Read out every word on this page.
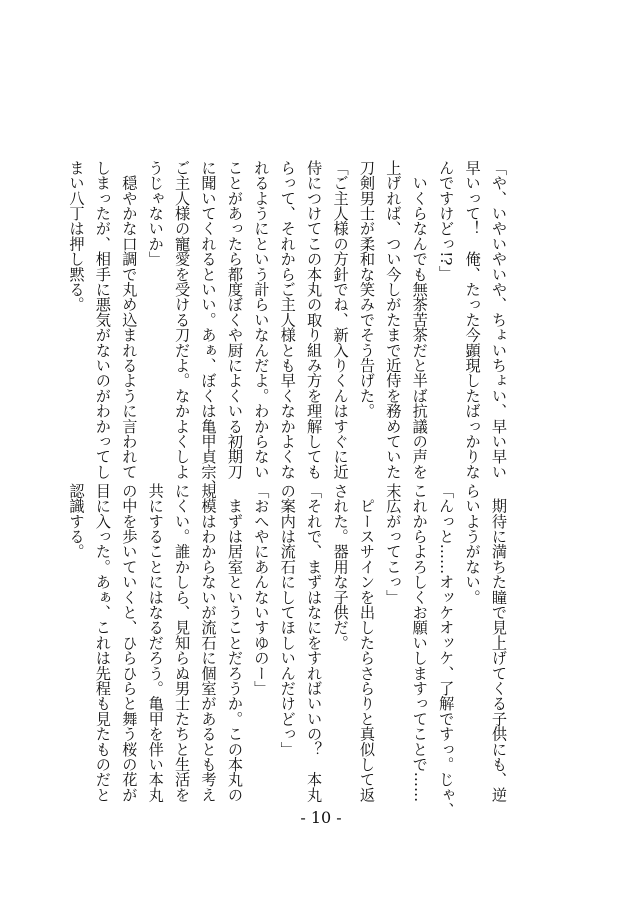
「や、いやいやいや、ちょいちょい、早い早い
早いって！　俺、たった今顕現したばっかりな
んですけどっ!?」
　いくらなんでも無茶苦茶だと半ば抗議の声を
上げれば、つい今しがたまで近侍を務めていた
刀剣男士が柔和な笑みでそう告げた。
「ご主人様の方針でね、新入りくんはすぐに近
侍につけてこの本丸の取り組み方を理解しても
らって、それからご主人様とも早くなかよくな
れるようにという計らいなんだよ。わからない
ことがあったら都度ぼくや厨によくいる初期刀
に聞いてくれるといい。あぁ、ぼくは亀甲貞宗、
ご主人様の寵愛を受ける刀だよ。なかよくしよ
うじゃないか」
　穏やかな口調で丸め込まれるように言われて
しまったが、相手に悪気がないのがわかってし
まい八丁は押し黙る。
　期待に満ちた瞳で見上げてくる子供にも、逆
らいようがない。
「んっと……オッケオッケ、了解ですっ。じゃ、
これからよろしくお願いしますってことで……
末広がってこっ」
　ピースサインを出したらさらりと真似して返
された。器用な子供だ。
「それで、まずはなにをすればいいの？　本丸
の案内は流石にしてほしいんだけどっ」
「おへやにあんないすゆのー」
　まずは居室ということだろうか。この本丸の
規模はわからないが流石に個室があるとも考え
にくい。誰かしら、見知らぬ男士たちと生活を
共にすることにはなるだろう。亀甲を伴い本丸
の中を歩いていくと、ひらひらと舞う桜の花が
目に入った。あぁ、これは先程も見たものだと
認識する。
- 10 -
